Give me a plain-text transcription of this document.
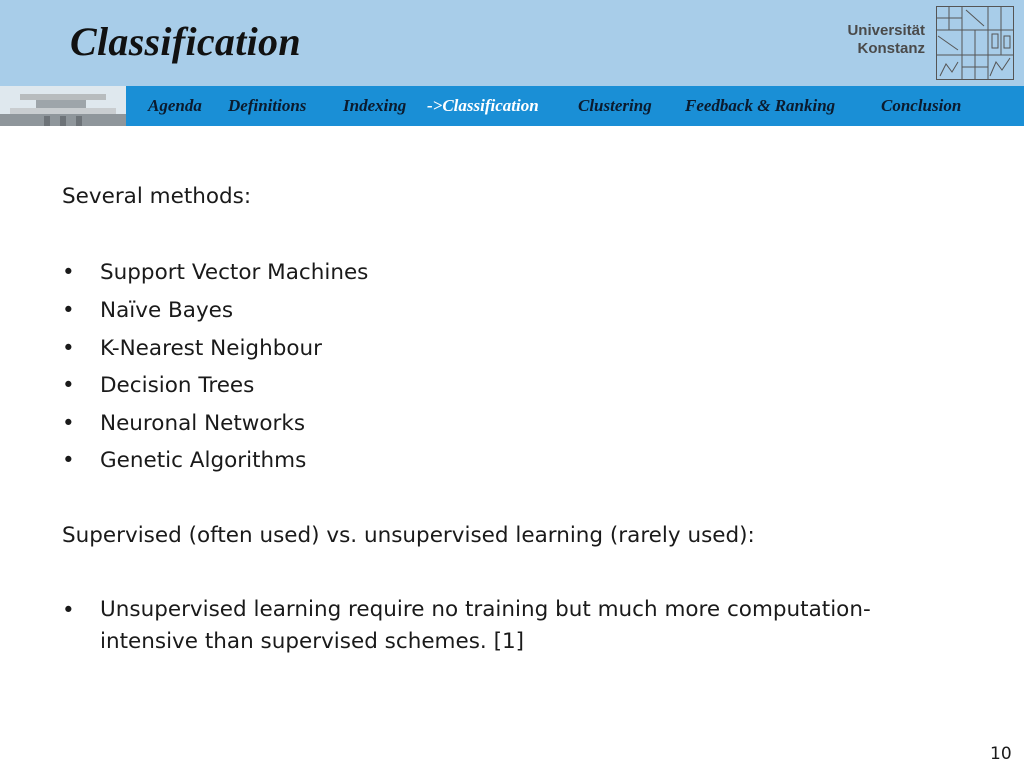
Classification	Universität
Konstanz
Agenda Definitions Indexing ->Classification Clustering Feedback & Ranking	Conclusion
Several methods:
•	Support Vector Machines
•	Naïve Bayes
•	K-Nearest Neighbour
•	Decision Trees
•	Neuronal Networks
•	Genetic Algorithms
Supervised (often used) vs. unsupervised learning (rarely used):
•	Unsupervised learning require no training but much more computation-intensive than supervised schemes. [1]
10
